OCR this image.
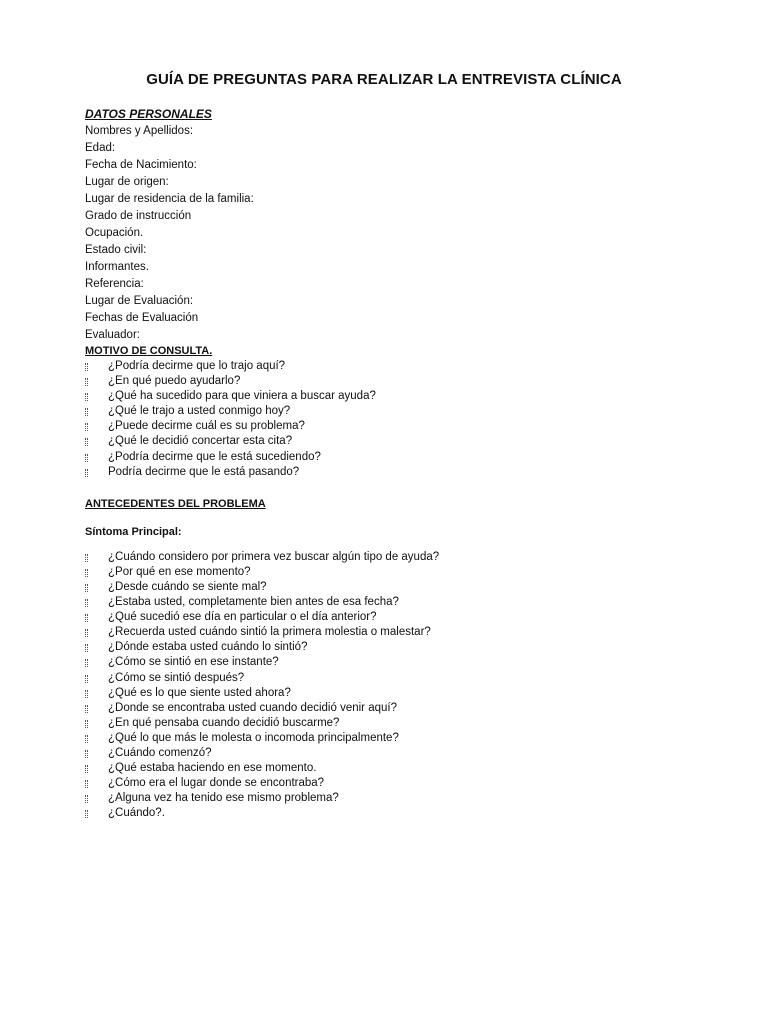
GUÍA DE PREGUNTAS PARA REALIZAR LA ENTREVISTA CLÍNICA
DATOS PERSONALES
Nombres y Apellidos:
Edad:
Fecha de Nacimiento:
Lugar de origen:
Lugar de residencia de la familia:
Grado de instrucción
Ocupación.
Estado civil:
Informantes.
Referencia:
Lugar de Evaluación:
Fechas de Evaluación
Evaluador:
MOTIVO DE CONSULTA.
¿Podría decirme que lo trajo aquí?
¿En qué puedo ayudarlo?
¿Qué ha sucedido para que viniera a buscar ayuda?
¿Qué le trajo a usted conmigo hoy?
¿Puede decirme cuál es su problema?
¿Qué le decidió concertar esta cita?
¿Podría decirme que le está sucediendo?
Podría decirme que le está pasando?
ANTECEDENTES DEL PROBLEMA
Síntoma Principal:
¿Cuándo considero por primera vez buscar algún tipo de ayuda?
¿Por qué en ese momento?
¿Desde cuándo se siente mal?
¿Estaba usted, completamente bien antes de esa fecha?
¿Qué sucedió ese día en particular o el día anterior?
¿Recuerda usted cuándo sintió la primera molestia o malestar?
¿Dónde estaba usted cuándo lo sintió?
¿Cómo se sintió en ese instante?
¿Cómo se sintió después?
¿Qué es lo que siente usted ahora?
¿Donde se encontraba usted cuando decidió venir aquí?
¿En qué pensaba cuando decidió buscarme?
¿Qué lo que más le molesta o incomoda principalmente?
¿Cuándo comenzó?
¿Qué estaba haciendo en ese momento.
¿Cómo era el lugar donde se encontraba?
¿Alguna vez ha tenido ese mismo problema?
¿Cuándo?.
